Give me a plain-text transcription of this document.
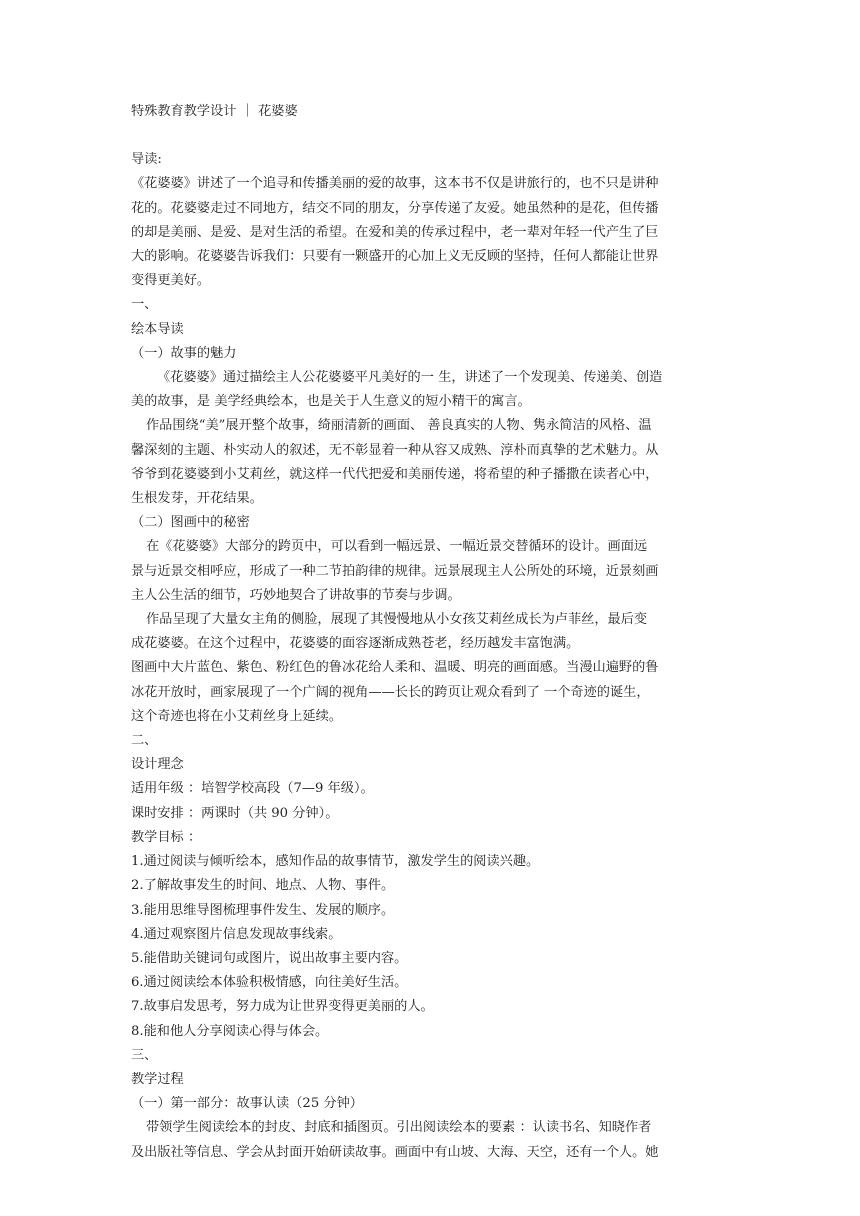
特殊教育教学设计 ｜ 花婆婆

导读:

《花婆婆》讲述了一个追寻和传播美丽的爱的故事，这本书不仅是讲旅行的，也不只是讲种

花的。花婆婆走过不同地方，结交不同的朋友，分享传递了友爱。她虽然种的是花，但传播

的却是美丽、是爱、是对生活的希望。在爱和美的传承过程中，老一辈对年轻一代产生了巨

大的影响。花婆婆告诉我们：只要有一颗盛开的心加上义无反顾的坚持，任何人都能让世界

变得更美好。

一、

绘本导读

（一）故事的魅力

《花婆婆》通过描绘主人公花婆婆平凡美好的一 生，讲述了一个发现美、传递美、创造

美的故事，是 美学经典绘本，也是关于人生意义的短小精干的寓言。

作品围绕“美”展开整个故事，绮丽清新的画面、 善良真实的人物、隽永简洁的风格、温

馨深刻的主题、朴实动人的叙述，无不彰显着一种从容又成熟、淳朴而真挚的艺术魅力。从

爷爷到花婆婆到小艾莉丝，就这样一代代把爱和美丽传递，将希望的种子播撒在读者心中，

生根发芽，开花结果。

（二）图画中的秘密

在《花婆婆》大部分的跨页中，可以看到一幅远景、一幅近景交替循环的设计。画面远

景与近景交相呼应，形成了一种二节拍韵律的规律。远景展现主人公所处的环境，近景刻画

主人公生活的细节，巧妙地契合了讲故事的节奏与步调。

作品呈现了大量女主角的侧脸，展现了其慢慢地从小女孩艾莉丝成长为卢菲丝，最后变

成花婆婆。在这个过程中，花婆婆的面容逐渐成熟苍老，经历越发丰富饱满。

图画中大片蓝色、紫色、粉红色的鲁冰花给人柔和、温暖、明亮的画面感。当漫山遍野的鲁

冰花开放时，画家展现了一个广阔的视角——长长的跨页让观众看到了 一个奇迹的诞生，

这个奇迹也将在小艾莉丝身上延续。

二、

设计理念

适用年级 ：培智学校高段（7—9 年级）。

课时安排 ：两课时（共 90 分钟）。

教学目标 ：

1.通过阅读与倾听绘本，感知作品的故事情节，激发学生的阅读兴趣。

2.了解故事发生的时间、地点、人物、事件。

3.能用思维导图梳理事件发生、发展的顺序。

4.通过观察图片信息发现故事线索。

5.能借助关键词句或图片，说出故事主要内容。

6.通过阅读绘本体验积极情感，向往美好生活。

7.故事启发思考，努力成为让世界变得更美丽的人。

8.能和他人分享阅读心得与体会。

三、

教学过程

（一）第一部分：故事认读（25 分钟）

带领学生阅读绘本的封皮、封底和插图页。引出阅读绘本的要素 ：认读书名、知晓作者

及出版社等信息、学会从封面开始研读故事。画面中有山坡、大海、天空，还有一个人。她
